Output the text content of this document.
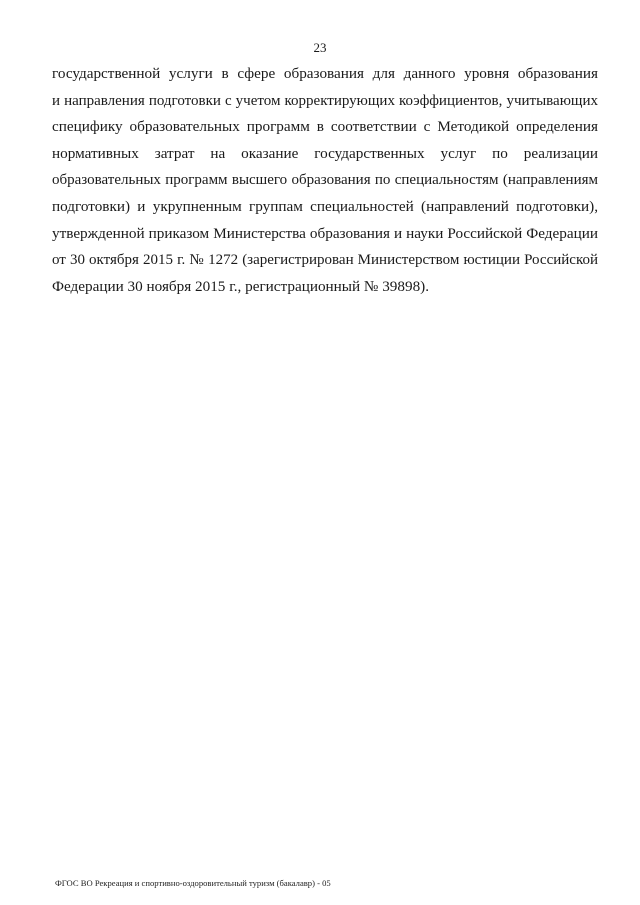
23
государственной услуги в сфере образования для данного уровня образования
и направления подготовки с учетом корректирующих коэффициентов, учитывающих
специфику образовательных программ в соответствии с Методикой определения
нормативных затрат на оказание государственных услуг по реализации
образовательных программ высшего образования по специальностям (направлениям
подготовки) и укрупненным группам специальностей (направлений подготовки),
утвержденной приказом Министерства образования и науки Российской Федерации
от 30 октября 2015 г. № 1272 (зарегистрирован Министерством юстиции Российской
Федерации 30 ноября 2015 г., регистрационный № 39898).
ФГОС ВО Рекреация и спортивно-оздоровительный туризм (бакалавр) - 05
